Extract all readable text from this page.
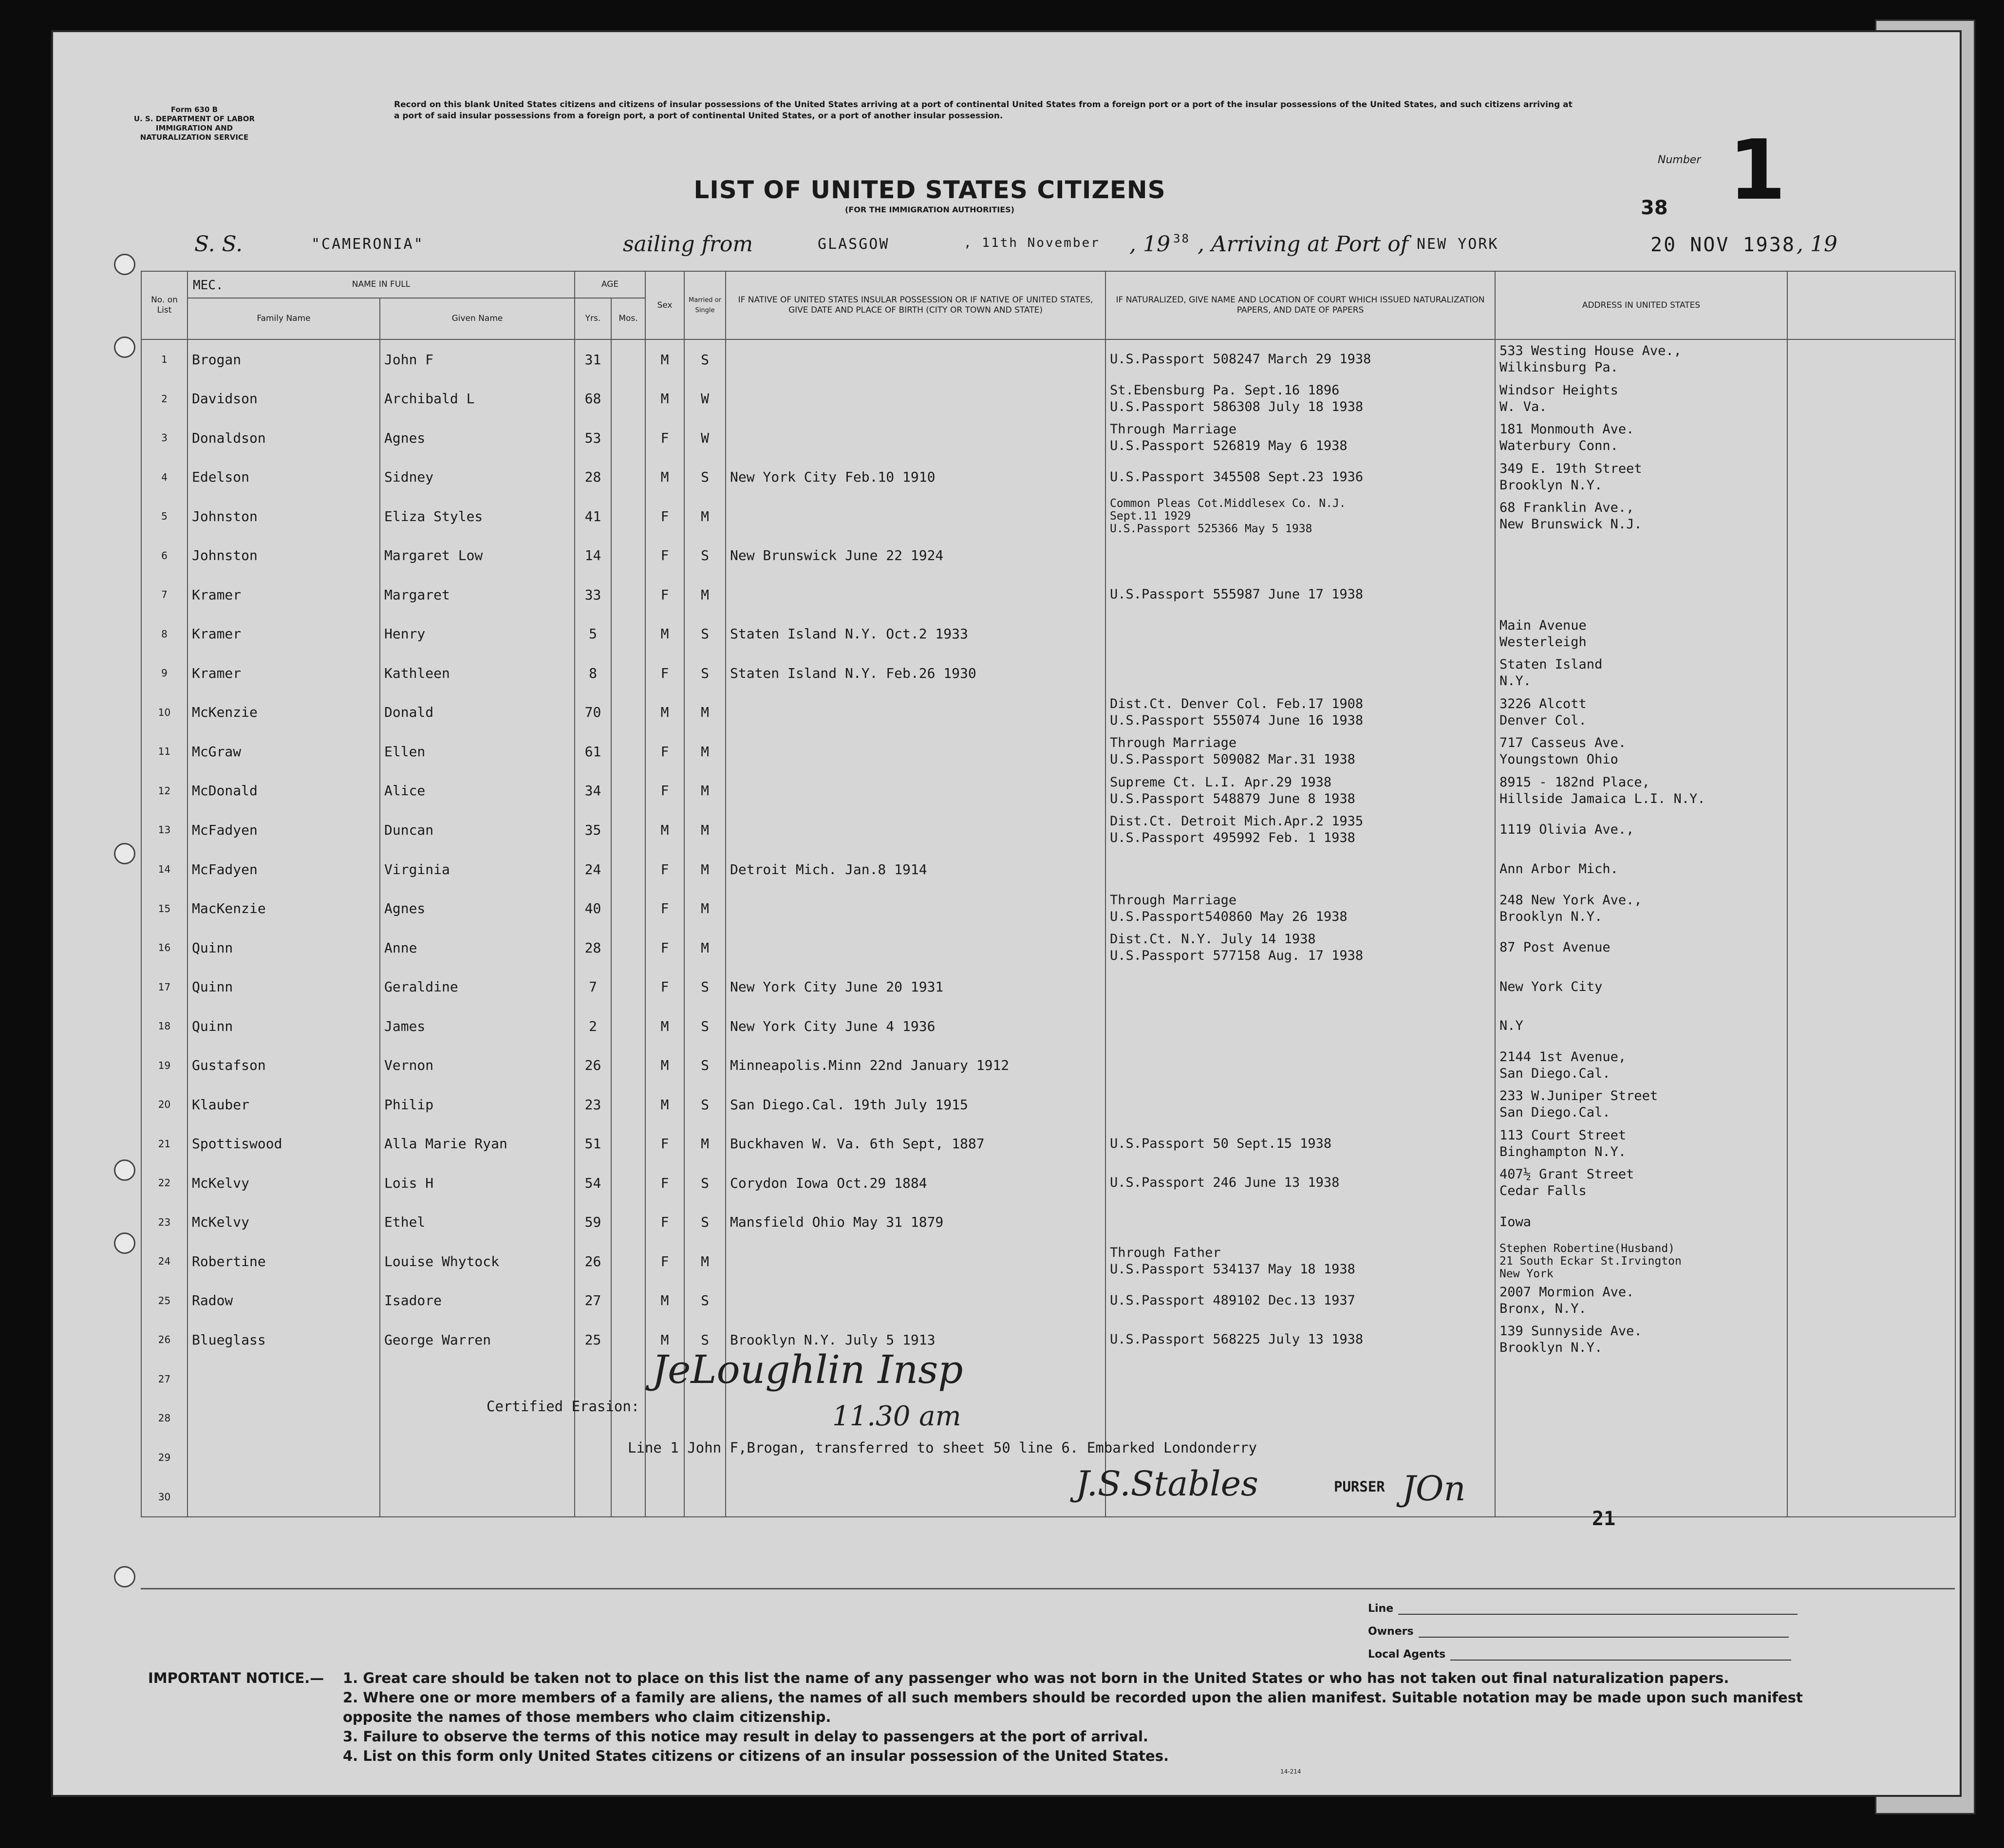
Form 630 B
U. S. DEPARTMENT OF LABOR
IMMIGRATION AND NATURALIZATION SERVICE
Record on this blank United States citizens and citizens of insular possessions of the United States arriving at a port of continental United States from a foreign port or a port of the insular possessions of the United States, and such citizens arriving at a port of said insular possessions from a foreign port, a port of continental United States, or a port of another insular possession.
LIST OF UNITED STATES CITIZENS
(FOR THE IMMIGRATION AUTHORITIES)
Number 1
38
S. S.	"CAMERONIA"	sailing from	GLASGOW	, 11th November , 19 38 , Arriving at Port of NEW YORK	20 NOV 1938 , 19
No. on List	MEC. NAME IN FULL		AGE		Sex	Married or Single	IF NATIVE OF UNITED STATES INSULAR POSSESSION OR IF NATIVE OF UNITED STATES, GIVE DATE AND PLACE OF BIRTH (CITY OR TOWN AND STATE)	IF NATURALIZED, GIVE NAME AND LOCATION OF COURT WHICH ISSUED NATURALIZATION PAPERS, AND DATE OF PAPERS	ADDRESS IN UNITED STATES	
	Family Name	Given Name	Yrs.	Mos.						
1	Brogan	John F	31		M	S		U.S.Passport 508247 March 29 1938	533 Westing House Ave.,
Wilkinsburg Pa.	
2	Davidson	Archibald L	68		M	W		St.Ebensburg Pa. Sept.16 1896
U.S.Passport 586308 July 18 1938	Windsor Heights
W. Va.	
3	Donaldson	Agnes	53		F	W		Through Marriage
U.S.Passport 526819 May 6 1938	181 Monmouth Ave.
Waterbury Conn.	
4	Edelson	Sidney	28		M	S	New York City Feb.10 1910	U.S.Passport 345508 Sept.23 1936	349 E. 19th Street
Brooklyn N.Y.	
5	Johnston	Eliza Styles	41		F	M		Common Pleas Cot.Middlesex Co. N.J.
Sept.11 1929
U.S.Passport 525366 May 5 1938	68 Franklin Ave.,
New Brunswick N.J.	
6	Johnston	Margaret Low	14		F	S	New Brunswick June 22 1924			
7	Kramer	Margaret	33		F	M		U.S.Passport 555987 June 17 1938		
8	Kramer	Henry	5		M	S	Staten Island N.Y. Oct.2 1933		Main Avenue
Westerleigh	
9	Kramer	Kathleen	8		F	S	Staten Island N.Y. Feb.26 1930		Staten Island
N.Y.	
10	McKenzie	Donald	70		M	M		Dist.Ct. Denver Col. Feb.17 1908
U.S.Passport 555074 June 16 1938	3226 Alcott
Denver Col.	
11	McGraw	Ellen	61		F	M		Through Marriage
U.S.Passport 509082 Mar.31 1938	717 Casseus Ave.
Youngstown Ohio	
12	McDonald	Alice	34		F	M		Supreme Ct. L.I. Apr.29 1938
U.S.Passport 548879 June 8 1938	8915 - 182nd Place,
Hillside Jamaica L.I. N.Y.	
13	McFadyen	Duncan	35		M	M		Dist.Ct. Detroit Mich.Apr.2 1935
U.S.Passport 495992 Feb. 1 1938	1119 Olivia Ave.,	
14	McFadyen	Virginia	24		F	M	Detroit Mich. Jan.8 1914		Ann Arbor Mich.	
15	MacKenzie	Agnes	40		F	M		Through Marriage
U.S.Passport540860 May 26 1938	248 New York Ave.,
Brooklyn N.Y.	
16	Quinn	Anne	28		F	M		Dist.Ct. N.Y. July 14 1938
U.S.Passport 577158 Aug. 17 1938	87 Post Avenue	
17	Quinn	Geraldine	7		F	S	New York City June 20 1931		New York City	
18	Quinn	James	2		M	S	New York City June 4 1936		N.Y	
19	Gustafson	Vernon	26		M	S	Minneapolis.Minn 22nd January 1912		2144 1st Avenue,
San Diego.Cal.	
20	Klauber	Philip	23		M	S	San Diego.Cal. 19th July 1915		233 W.Juniper Street
San Diego.Cal.	
21	Spottiswood	Alla Marie Ryan	51		F	M	Buckhaven W. Va. 6th Sept, 1887	U.S.Passport 50 Sept.15 1938	113 Court Street
Binghampton N.Y.	
22	McKelvy	Lois H	54		F	S	Corydon Iowa Oct.29 1884	U.S.Passport 246 June 13 1938	407½ Grant Street
Cedar Falls	
23	McKelvy	Ethel	59		F	S	Mansfield Ohio May 31 1879		Iowa	
24	Robertine	Louise Whytock	26		F	M		Through Father
U.S.Passport 534137 May 18 1938	Stephen Robertine(Husband)
21 South Eckar St.Irvington
New York	
25	Radow	Isadore	27		M	S		U.S.Passport 489102 Dec.13 1937	2007 Mormion Ave.
Bronx, N.Y.	
26	Blueglass	George Warren	25		M	S	Brooklyn N.Y. July 5 1913	U.S.Passport 568225 July 13 1938	139 Sunnyside Ave.
Brooklyn N.Y.	
27										
28										
29										
30										
Certified Erasion:
JeLoughlin Insp
11.30 am
Line 1 John F,Brogan, transferred to sheet 50 line 6. Embarked Londonderry
J.S.Stables	PURSER JOn
21
Line
Owners
Local Agents
IMPORTANT NOTICE.— 1. Great care should be taken not to place on this list the name of any passenger who was not born in the United States or who has not taken out final naturalization papers.
2. Where one or more members of a family are aliens, the names of all such members should be recorded upon the alien manifest. Suitable notation may be made upon such manifest opposite the names of those members who claim citizenship.
3. Failure to observe the terms of this notice may result in delay to passengers at the port of arrival.
4. List on this form only United States citizens or citizens of an insular possession of the United States.
14-214
